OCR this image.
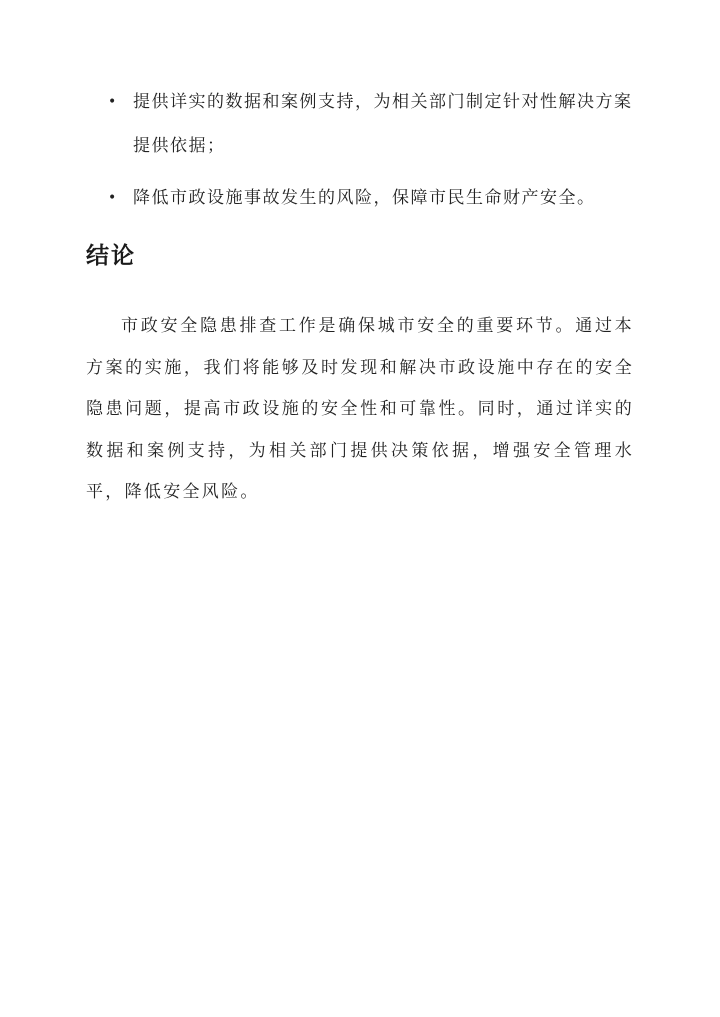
• 提供详实的数据和案例支持，为相关部门制定针对性解决方案提供依据；
• 降低市政设施事故发生的风险，保障市民生命财产安全。
结论

市政安全隐患排查工作是确保城市安全的重要环节。通过本方案的实施，我们将能够及时发现和解决市政设施中存在的安全隐患问题，提高市政设施的安全性和可靠性。同时，通过详实的数据和案例支持，为相关部门提供决策依据，增强安全管理水平，降低安全风险。
